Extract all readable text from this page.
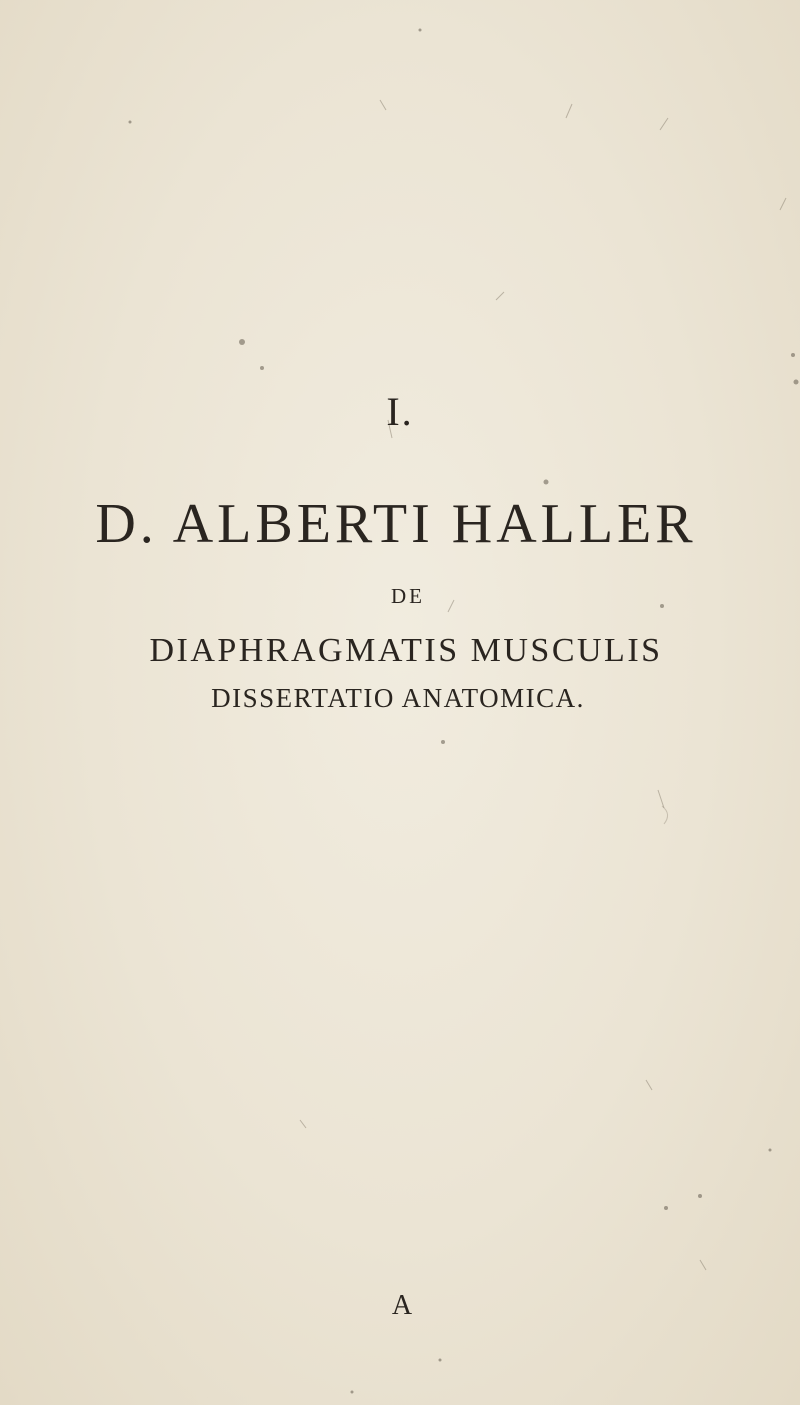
I.
D. ALBERTI HALLER
DE
DIAPHRAGMATIS MUSCULIS
DISSERTATIO ANATOMICA.
A
